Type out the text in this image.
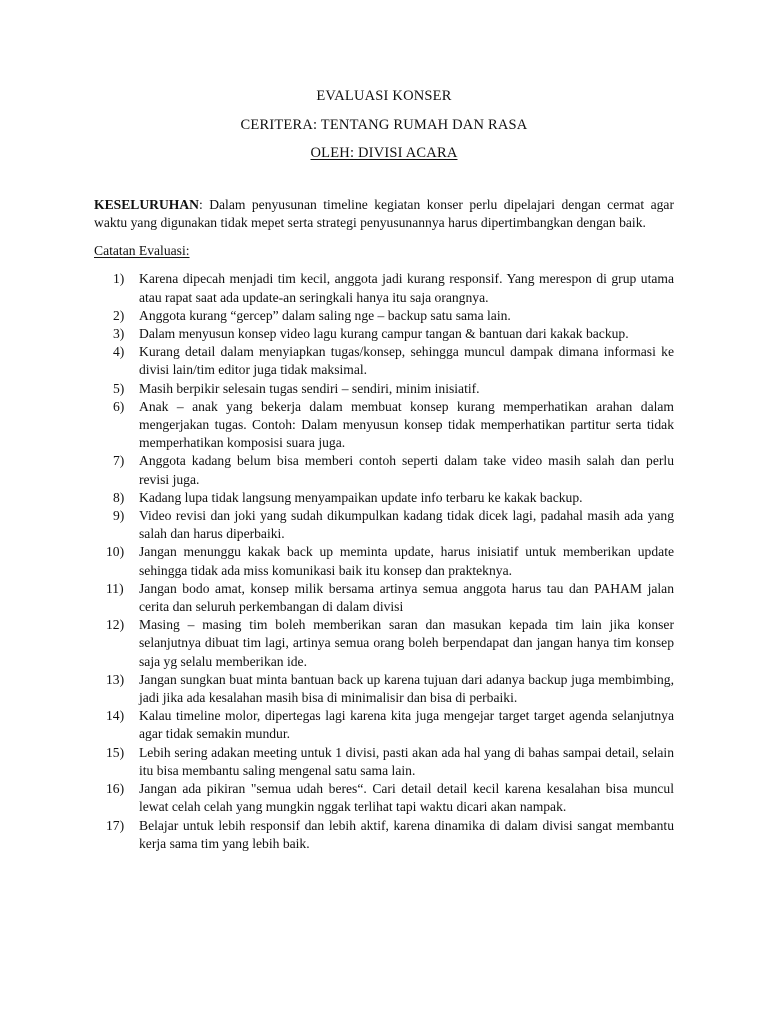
EVALUASI KONSER
CERITERA: TENTANG RUMAH DAN RASA
OLEH: DIVISI ACARA

KESELURUHAN: Dalam penyusunan timeline kegiatan konser perlu dipelajari dengan cermat agar waktu yang digunakan tidak mepet serta strategi penyusunannya harus dipertimbangkan dengan baik.

Catatan Evaluasi:
1) Karena dipecah menjadi tim kecil, anggota jadi kurang responsif. Yang merespon di grup utama atau rapat saat ada update-an seringkali hanya itu saja orangnya.
2) Anggota kurang “gercep” dalam saling nge – backup satu sama lain.
3) Dalam menyusun konsep video lagu kurang campur tangan & bantuan dari kakak backup.
4) Kurang detail dalam menyiapkan tugas/konsep, sehingga muncul dampak dimana informasi ke divisi lain/tim editor juga tidak maksimal.
5) Masih berpikir selesain tugas sendiri – sendiri, minim inisiatif.
6) Anak – anak yang bekerja dalam membuat konsep kurang memperhatikan arahan dalam mengerjakan tugas. Contoh: Dalam menyusun konsep tidak memperhatikan partitur serta tidak memperhatikan komposisi suara juga.
7) Anggota kadang belum bisa memberi contoh seperti dalam take video masih salah dan perlu revisi juga.
8) Kadang lupa tidak langsung menyampaikan update info terbaru ke kakak backup.
9) Video revisi dan joki yang sudah dikumpulkan kadang tidak dicek lagi, padahal masih ada yang salah dan harus diperbaiki.
10) Jangan menunggu kakak back up meminta update, harus inisiatif untuk memberikan update sehingga tidak ada miss komunikasi baik itu konsep dan prakteknya.
11) Jangan bodo amat, konsep milik bersama artinya semua anggota harus tau dan PAHAM jalan cerita dan seluruh perkembangan di dalam divisi
12) Masing – masing tim boleh memberikan saran dan masukan kepada tim lain jika konser selanjutnya dibuat tim lagi, artinya semua orang boleh berpendapat dan jangan hanya tim konsep saja yg selalu memberikan ide.
13) Jangan sungkan buat minta bantuan back up karena tujuan dari adanya backup juga membimbing, jadi jika ada kesalahan masih bisa di minimalisir dan bisa di perbaiki.
14) Kalau timeline molor, dipertegas lagi karena kita juga mengejar target target agenda selanjutnya agar tidak semakin mundur.
15) Lebih sering adakan meeting untuk 1 divisi, pasti akan ada hal yang di bahas sampai detail, selain itu bisa membantu saling mengenal satu sama lain.
16) Jangan ada pikiran "semua udah beres“. Cari detail detail kecil karena kesalahan bisa muncul lewat celah celah yang mungkin nggak terlihat tapi waktu dicari akan nampak.
17) Belajar untuk lebih responsif dan lebih aktif, karena dinamika di dalam divisi sangat membantu kerja sama tim yang lebih baik.
